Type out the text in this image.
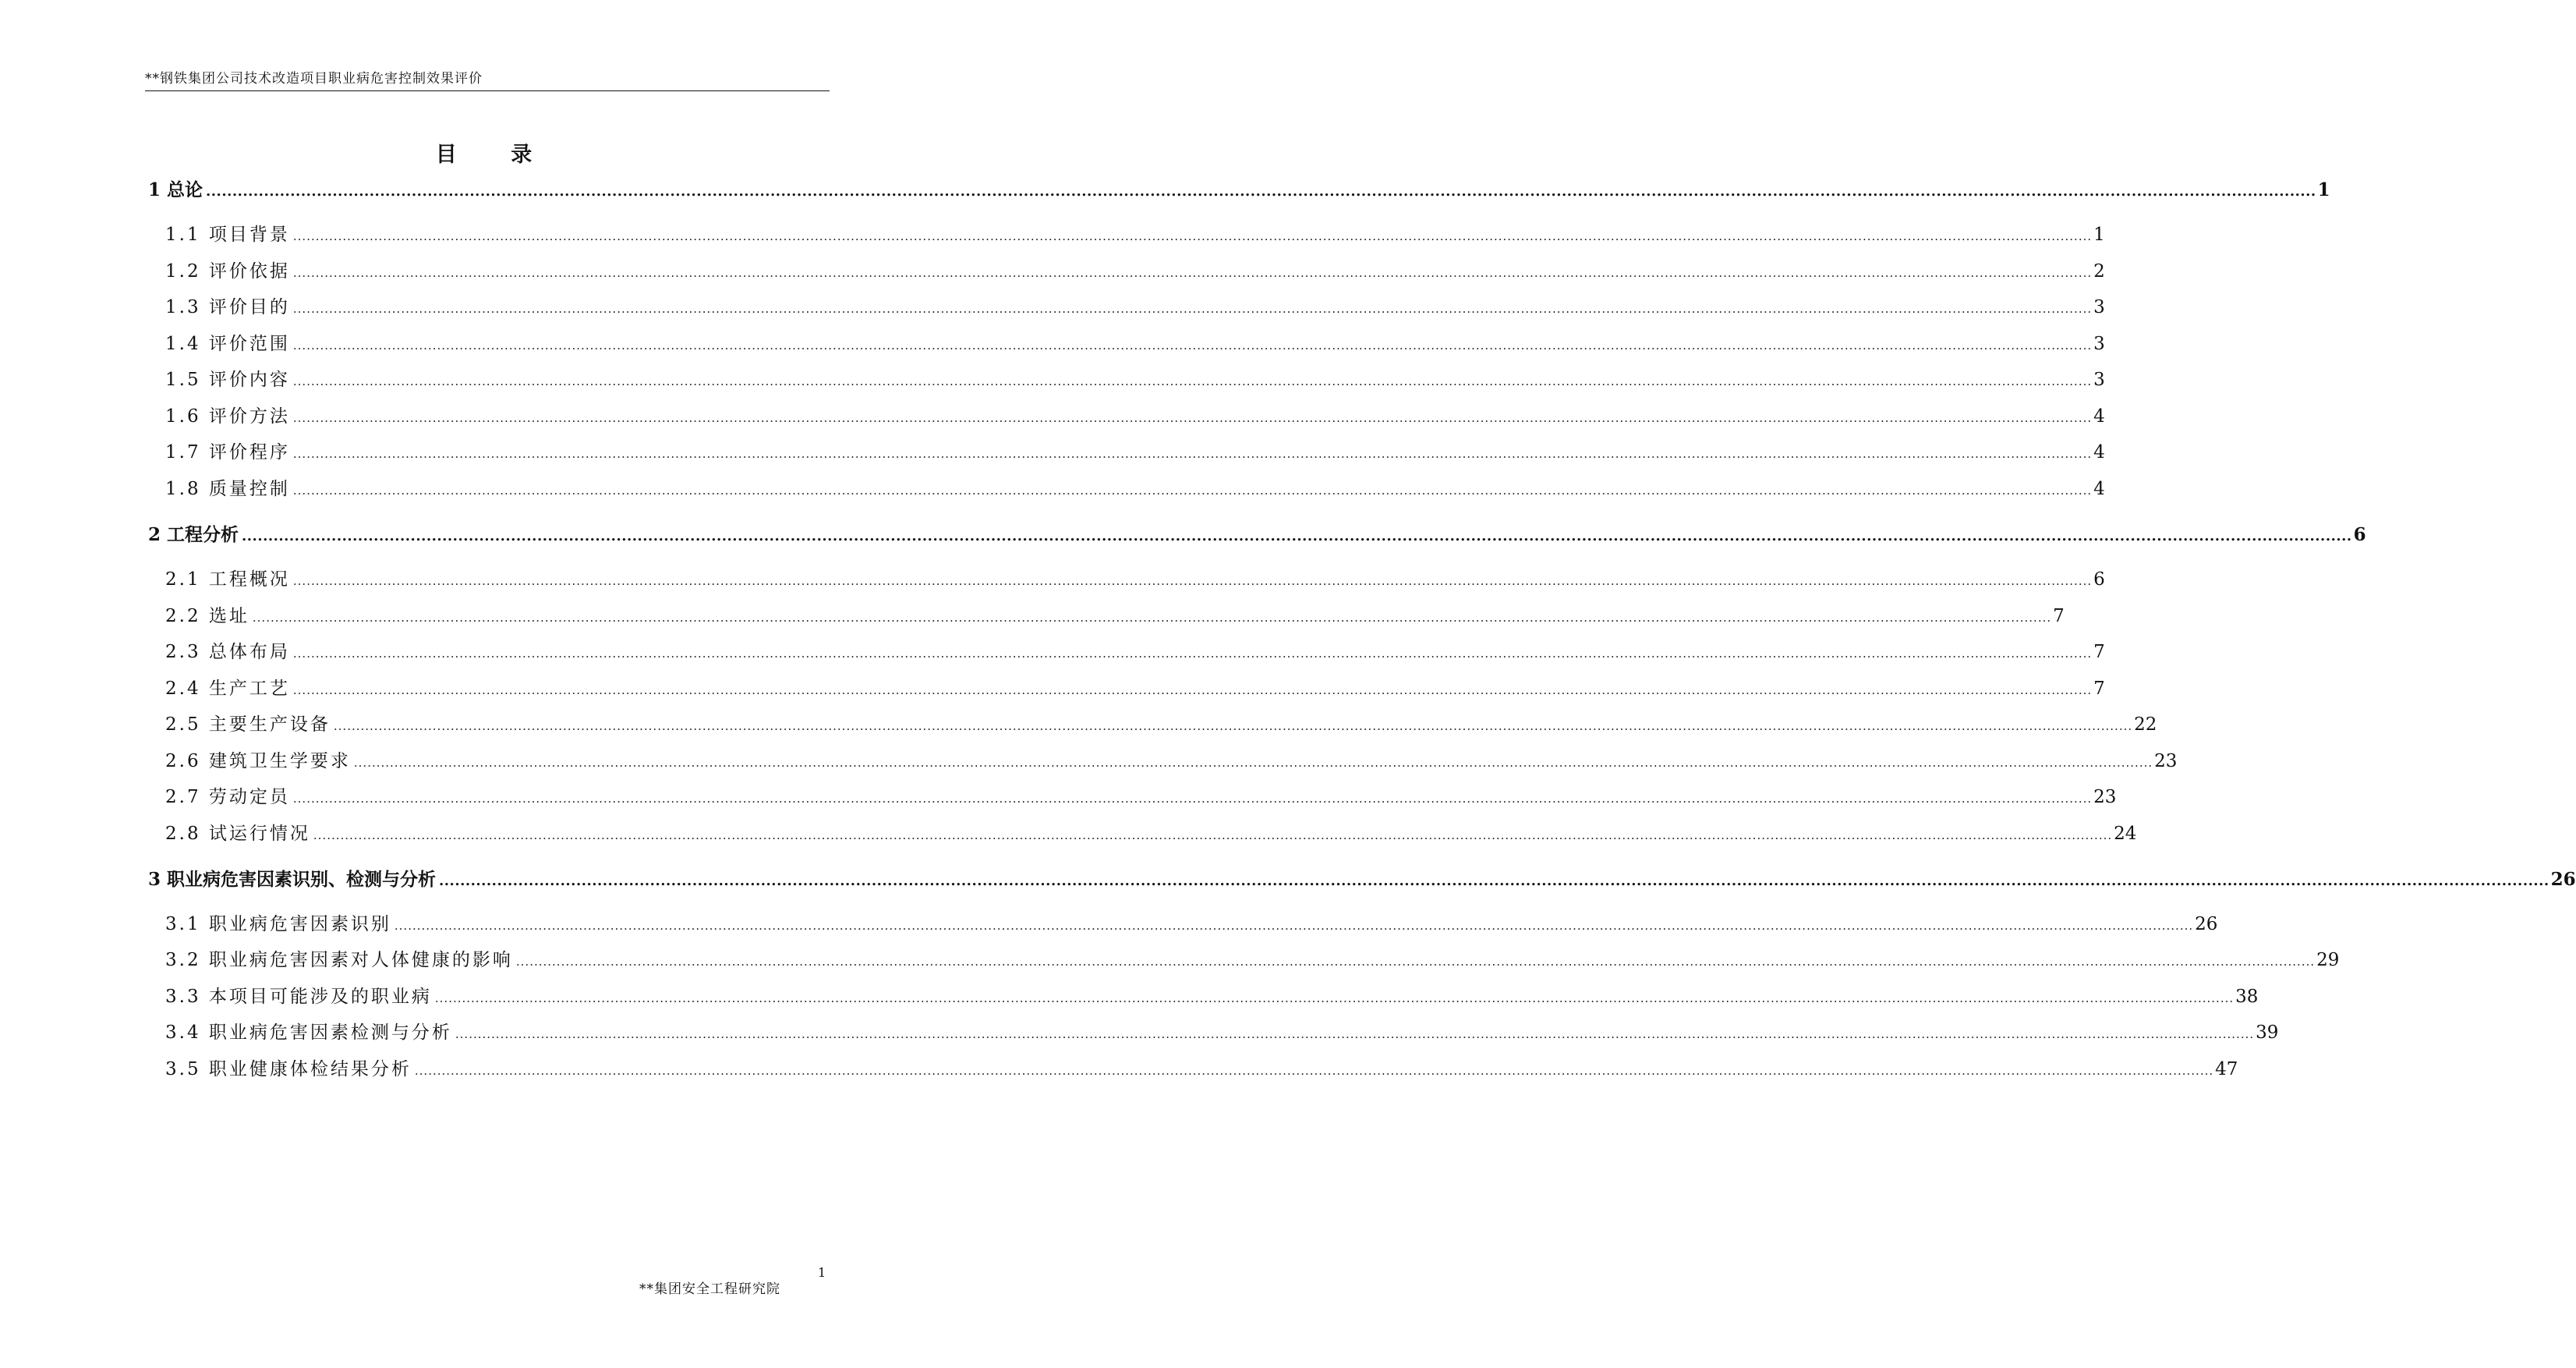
**钢铁集团公司技术改造项目职业病危害控制效果评价
目 录
1 总论 ................................................................................................................................................................................................................................................................................................................................................................................................................ 1
1.1 项目背景 ................................................................................................................................................................................................................................................................................................................................................................................................................ 1
1.2 评价依据 ................................................................................................................................................................................................................................................................................................................................................................................................................ 2
1.3 评价目的 ................................................................................................................................................................................................................................................................................................................................................................................................................ 3
1.4 评价范围 ................................................................................................................................................................................................................................................................................................................................................................................................................ 3
1.5 评价内容 ................................................................................................................................................................................................................................................................................................................................................................................................................ 3
1.6 评价方法 ................................................................................................................................................................................................................................................................................................................................................................................................................ 4
1.7 评价程序 ................................................................................................................................................................................................................................................................................................................................................................................................................ 4
1.8 质量控制 ................................................................................................................................................................................................................................................................................................................................................................................................................ 4
2 工程分析 ................................................................................................................................................................................................................................................................................................................................................................................................................ 6
2.1 工程概况 ................................................................................................................................................................................................................................................................................................................................................................................................................ 6
2.2 选址 ................................................................................................................................................................................................................................................................................................................................................................................................................ 7
2.3 总体布局 ................................................................................................................................................................................................................................................................................................................................................................................................................ 7
2.4 生产工艺 ................................................................................................................................................................................................................................................................................................................................................................................................................ 7
2.5 主要生产设备 ................................................................................................................................................................................................................................................................................................................................................................................................................ 22
2.6 建筑卫生学要求 ................................................................................................................................................................................................................................................................................................................................................................................................................ 23
2.7 劳动定员 ................................................................................................................................................................................................................................................................................................................................................................................................................ 23
2.8 试运行情况 ................................................................................................................................................................................................................................................................................................................................................................................................................ 24
3 职业病危害因素识别、检测与分析 ................................................................................................................................................................................................................................................................................................................................................................................................................ 26
3.1 职业病危害因素识别 ................................................................................................................................................................................................................................................................................................................................................................................................................ 26
3.2 职业病危害因素对人体健康的影响 ................................................................................................................................................................................................................................................................................................................................................................................................................ 29
3.3 本项目可能涉及的职业病 ................................................................................................................................................................................................................................................................................................................................................................................................................ 38
3.4 职业病危害因素检测与分析 ................................................................................................................................................................................................................................................................................................................................................................................................................ 39
3.5 职业健康体检结果分析 ................................................................................................................................................................................................................................................................................................................................................................................................................ 47
**集团安全工程研究院
1
